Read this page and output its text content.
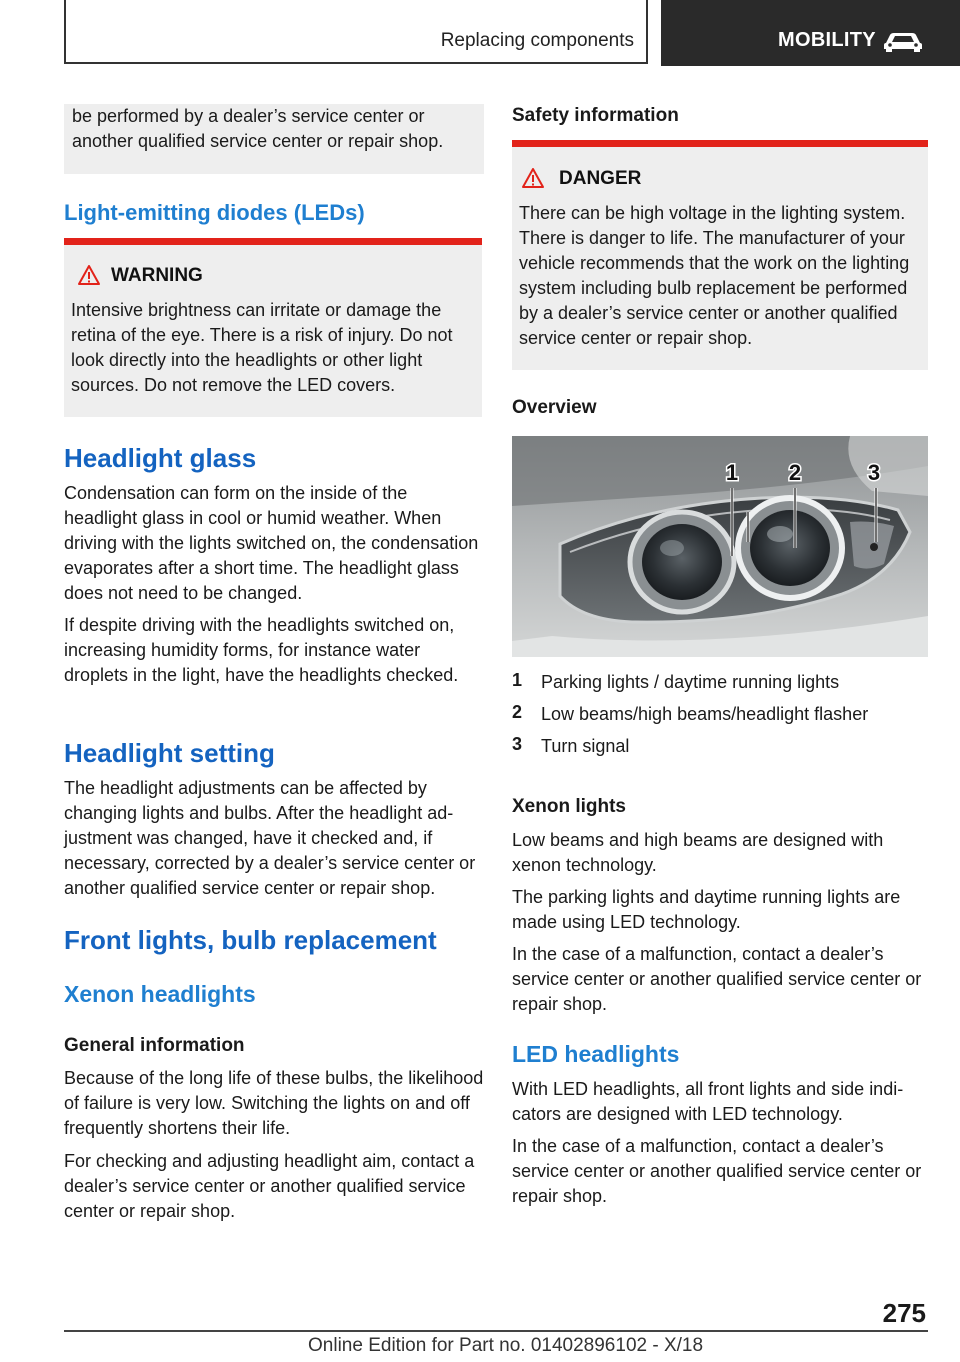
Replacing components	MOBILITY

be performed by a dealer’s service center or another qualified service center or repair shop.

Light-emitting diodes (LEDs)
WARNING

Intensive brightness can irritate or damage the retina of the eye. There is a risk of injury. Do not look directly into the headlights or other light sources. Do not remove the LED covers.

Headlight glass

Condensation can form on the inside of the headlight glass in cool or humid weather. When driving with the lights switched on, the condensation evaporates after a short time. The headlight glass does not need to be changed.

If despite driving with the headlights switched on, increasing humidity forms, for instance water droplets in the light, have the headlights checked.

Headlight setting

The headlight adjustments can be affected by changing lights and bulbs. After the headlight adjustment was changed, have it checked and, if necessary, corrected by a dealer’s service center or another qualified service center or repair shop.

Front lights, bulb replacement
Xenon headlights
General information

Because of the long life of these bulbs, the likelihood of failure is very low. Switching the lights on and off frequently shortens their life.

For checking and adjusting headlight aim, contact a dealer’s service center or another qualified service center or repair shop.

Safety information
DANGER

There can be high voltage in the lighting system. There is danger to life. The manufacturer of your vehicle recommends that the work on the lighting system including bulb replacement be performed by a dealer’s service center or another qualified service center or repair shop.

Overview
1 2	3
1 Parking lights / daytime running lights
2 Low beams/high beams/headlight flasher
3 Turn signal
Xenon lights

Low beams and high beams are designed with xenon technology.

The parking lights and daytime running lights are made using LED technology.

In the case of a malfunction, contact a dealer’s service center or another qualified service center or repair shop.

LED headlights

With LED headlights, all front lights and side indicators are designed with LED technology.

In the case of a malfunction, contact a dealer’s service center or another qualified service center or repair shop.

275
Online Edition for Part no. 01402896102 - X/18
